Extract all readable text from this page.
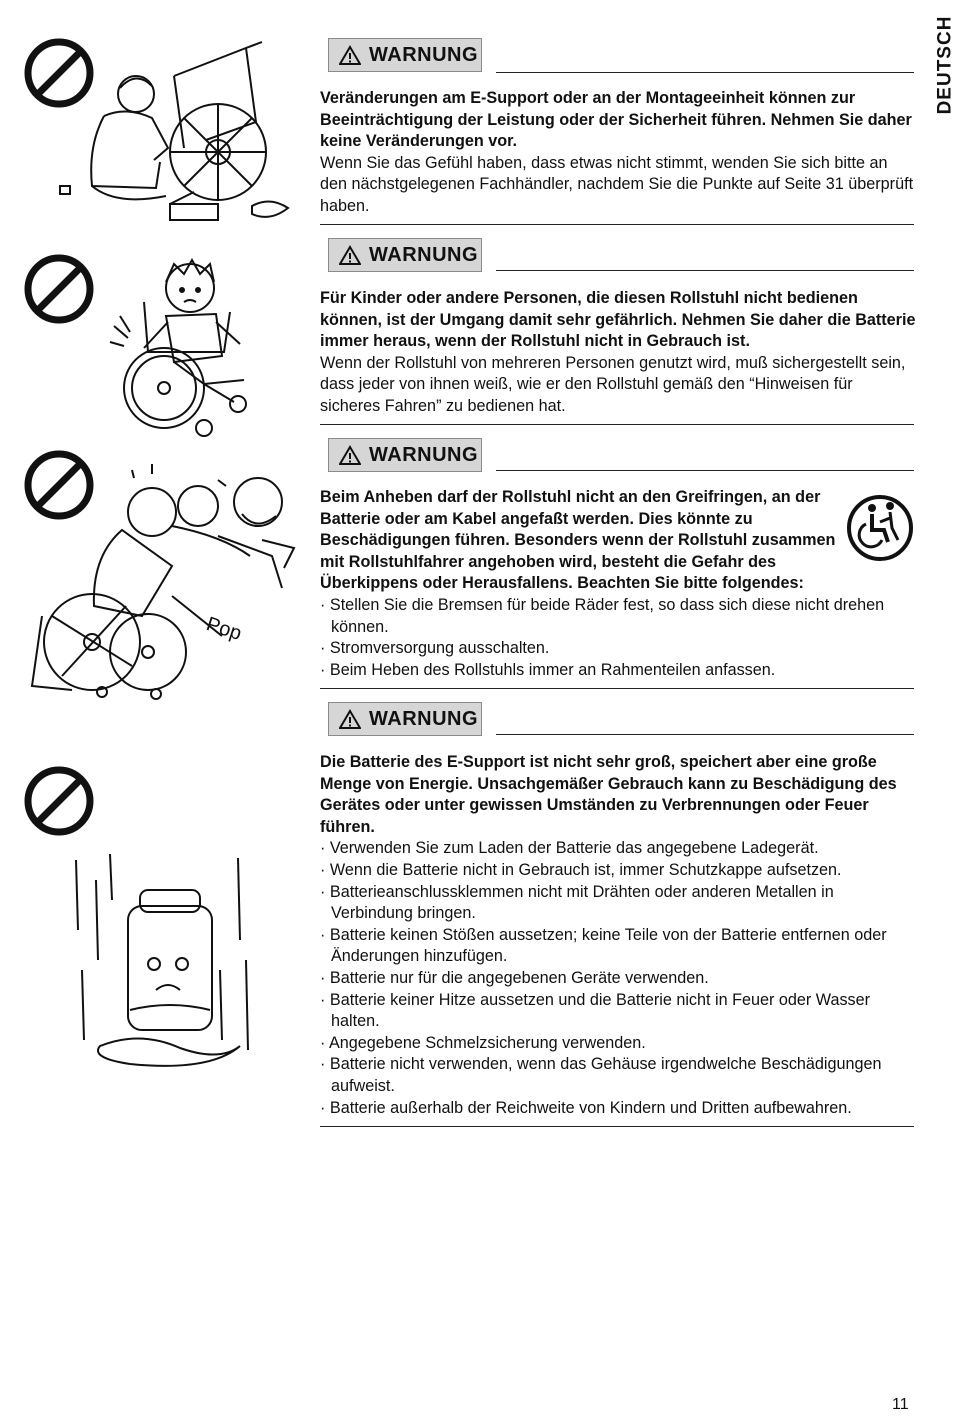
DEUTSCH
Pop
WARNUNG

Veränderungen am E-Support oder an der Montageeinheit können zur Beeinträchtigung der Leistung oder der Sicherheit führen. Nehmen Sie daher keine Veränderungen vor.

Wenn Sie das Gefühl haben, dass etwas nicht stimmt, wenden Sie sich bitte an den nächstgelegenen Fachhändler, nachdem Sie die Punkte auf Seite 31 überprüft haben.

WARNUNG

Für Kinder oder andere Personen, die diesen Rollstuhl nicht bedienen können, ist der Umgang damit sehr gefährlich. Nehmen Sie daher die Batterie immer heraus, wenn der Rollstuhl nicht in Gebrauch ist.

Wenn der Rollstuhl von mehreren Personen genutzt wird, muß sichergestellt sein, dass jeder von ihnen weiß, wie er den Rollstuhl gemäß den “Hinweisen für sicheres Fahren” zu bedienen hat.

WARNUNG

Beim Anheben darf der Rollstuhl nicht an den Greifringen, an der Batterie oder am Kabel angefaßt werden. Dies könnte zu Beschädigungen führen. Besonders wenn der Rollstuhl zusammen mit Rollstuhlfahrer angehoben wird, besteht die Gefahr des Überkippens oder Herausfallens. Beachten Sie bitte folgendes:

· Stellen Sie die Bremsen für beide Räder fest, so dass sich diese nicht drehen können.
· Stromversorgung ausschalten.
· Beim Heben des Rollstuhls immer an Rahmenteilen anfassen.
WARNUNG

Die Batterie des E-Support ist nicht sehr groß, speichert aber eine große Menge von Energie. Unsachgemäßer Gebrauch kann zu Beschädigung des Gerätes oder unter gewissen Umständen zu Verbrennungen oder Feuer führen.

· Verwenden Sie zum Laden der Batterie das angegebene Ladegerät.
· Wenn die Batterie nicht in Gebrauch ist, immer Schutzkappe aufsetzen.
· Batterieanschlussklemmen nicht mit Drähten oder anderen Metallen in Verbindung bringen.
· Batterie keinen Stößen aussetzen; keine Teile von der Batterie entfernen oder Änderungen hinzufügen.
· Batterie nur für die angegebenen Geräte verwenden.
· Batterie keiner Hitze aussetzen und die Batterie nicht in Feuer oder Wasser halten.
· Angegebene Schmelzsicherung verwenden.
· Batterie nicht verwenden, wenn das Gehäuse irgendwelche Beschädigungen aufweist.
· Batterie außerhalb der Reichweite von Kindern und Dritten aufbewahren.
11
